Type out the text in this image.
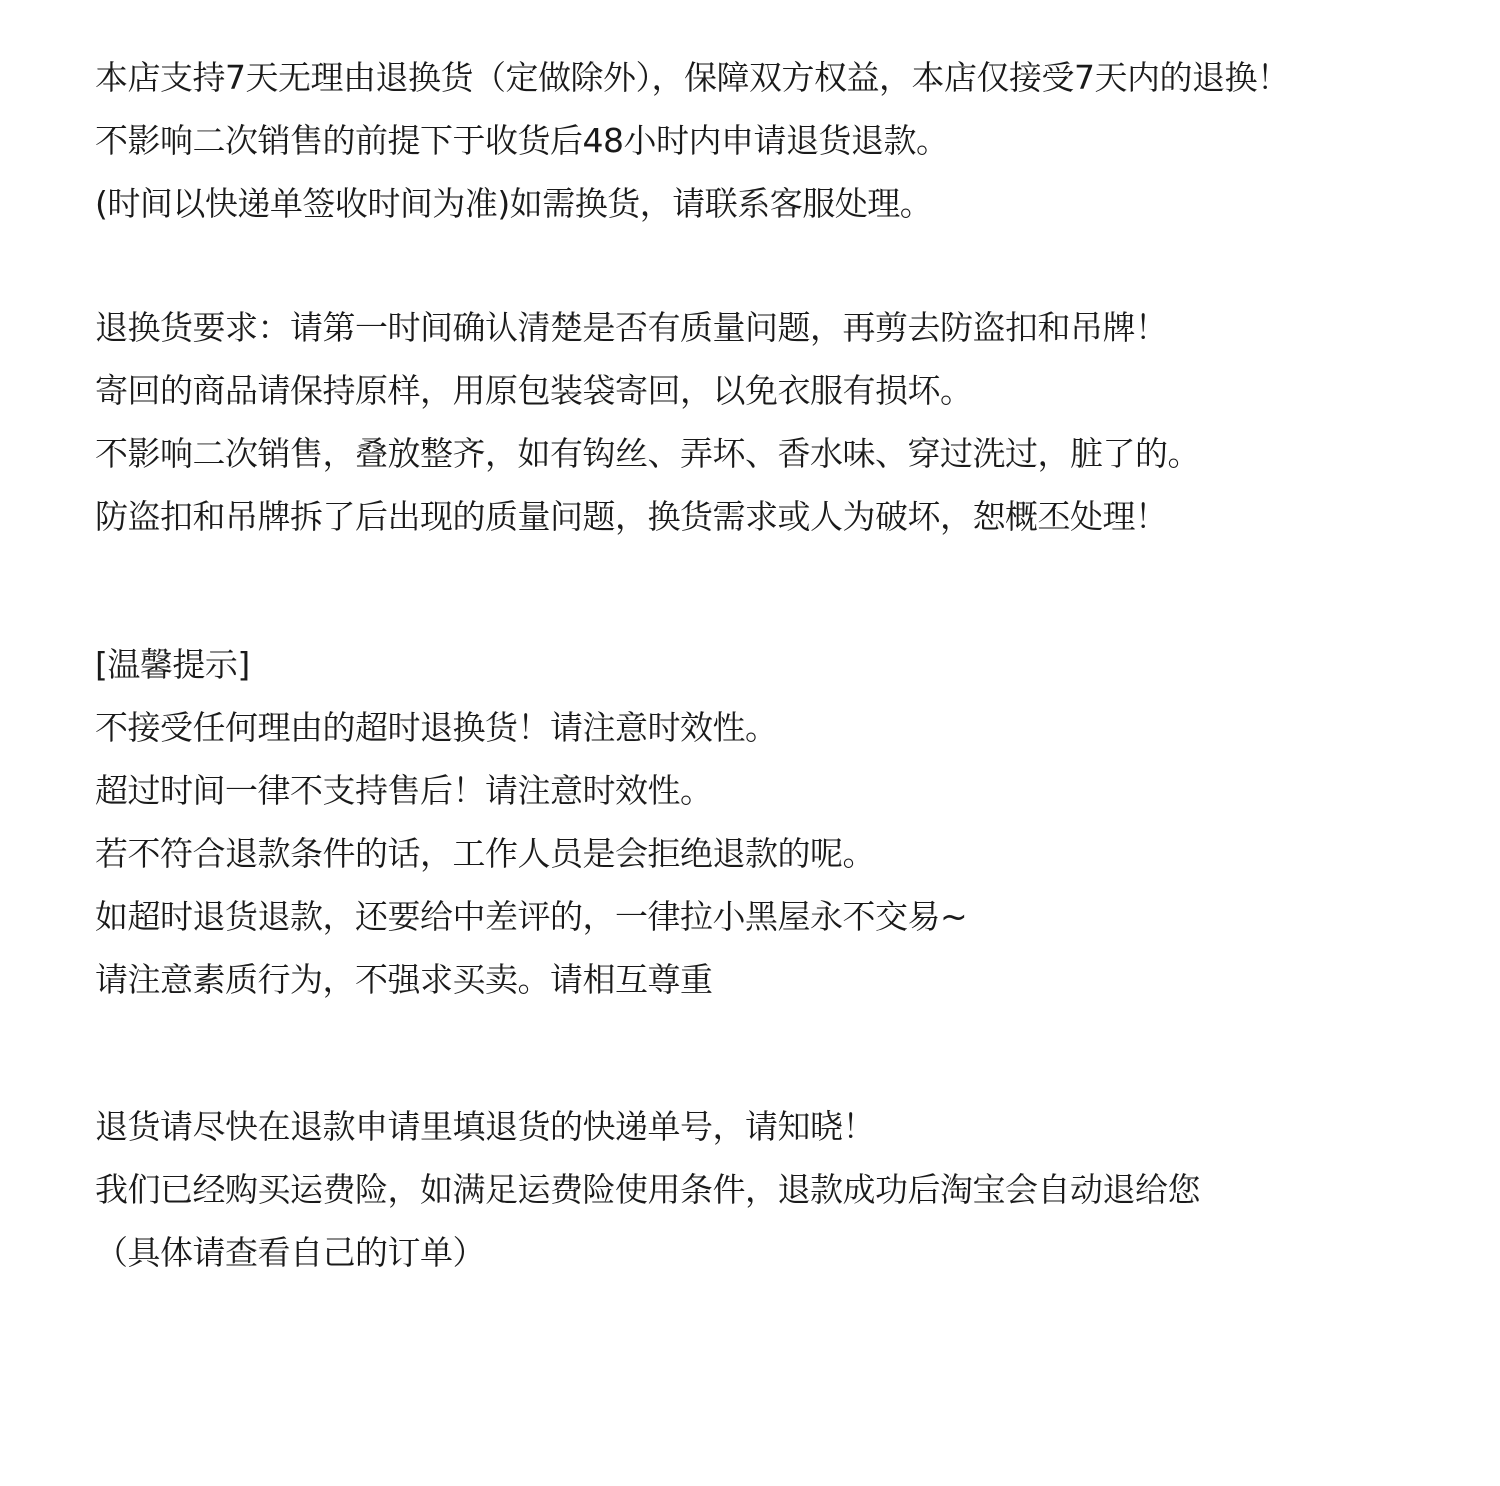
本店支持7天无理由退换货（定做除外），保障双方权益，本店仅接受7天内的退换！
不影响二次销售的前提下于收货后48小时内申请退货退款。
(时间以快递单签收时间为准)如需换货，请联系客服处理。
退换货要求：请第一时间确认清楚是否有质量问题，再剪去防盗扣和吊牌！
寄回的商品请保持原样，用原包装袋寄回，以免衣服有损坏。
不影响二次销售，叠放整齐，如有钩丝、弄坏、香水味、穿过洗过，脏了的。
防盗扣和吊牌拆了后出现的质量问题，换货需求或人为破坏，恕概丕处理！
[温馨提示]
不接受任何理由的超时退换货！请注意时效性。
超过时间一律不支持售后！请注意时效性。
若不符合退款条件的话，工作人员是会拒绝退款的呢。
如超时退货退款，还要给中差评的，一律拉小黑屋永不交易~
请注意素质行为，不强求买卖。请相互尊重
退货请尽快在退款申请里填退货的快递单号，请知晓！
我们已经购买运费险，如满足运费险使用条件，退款成功后淘宝会自动退给您
（具体请查看自己的订单）
